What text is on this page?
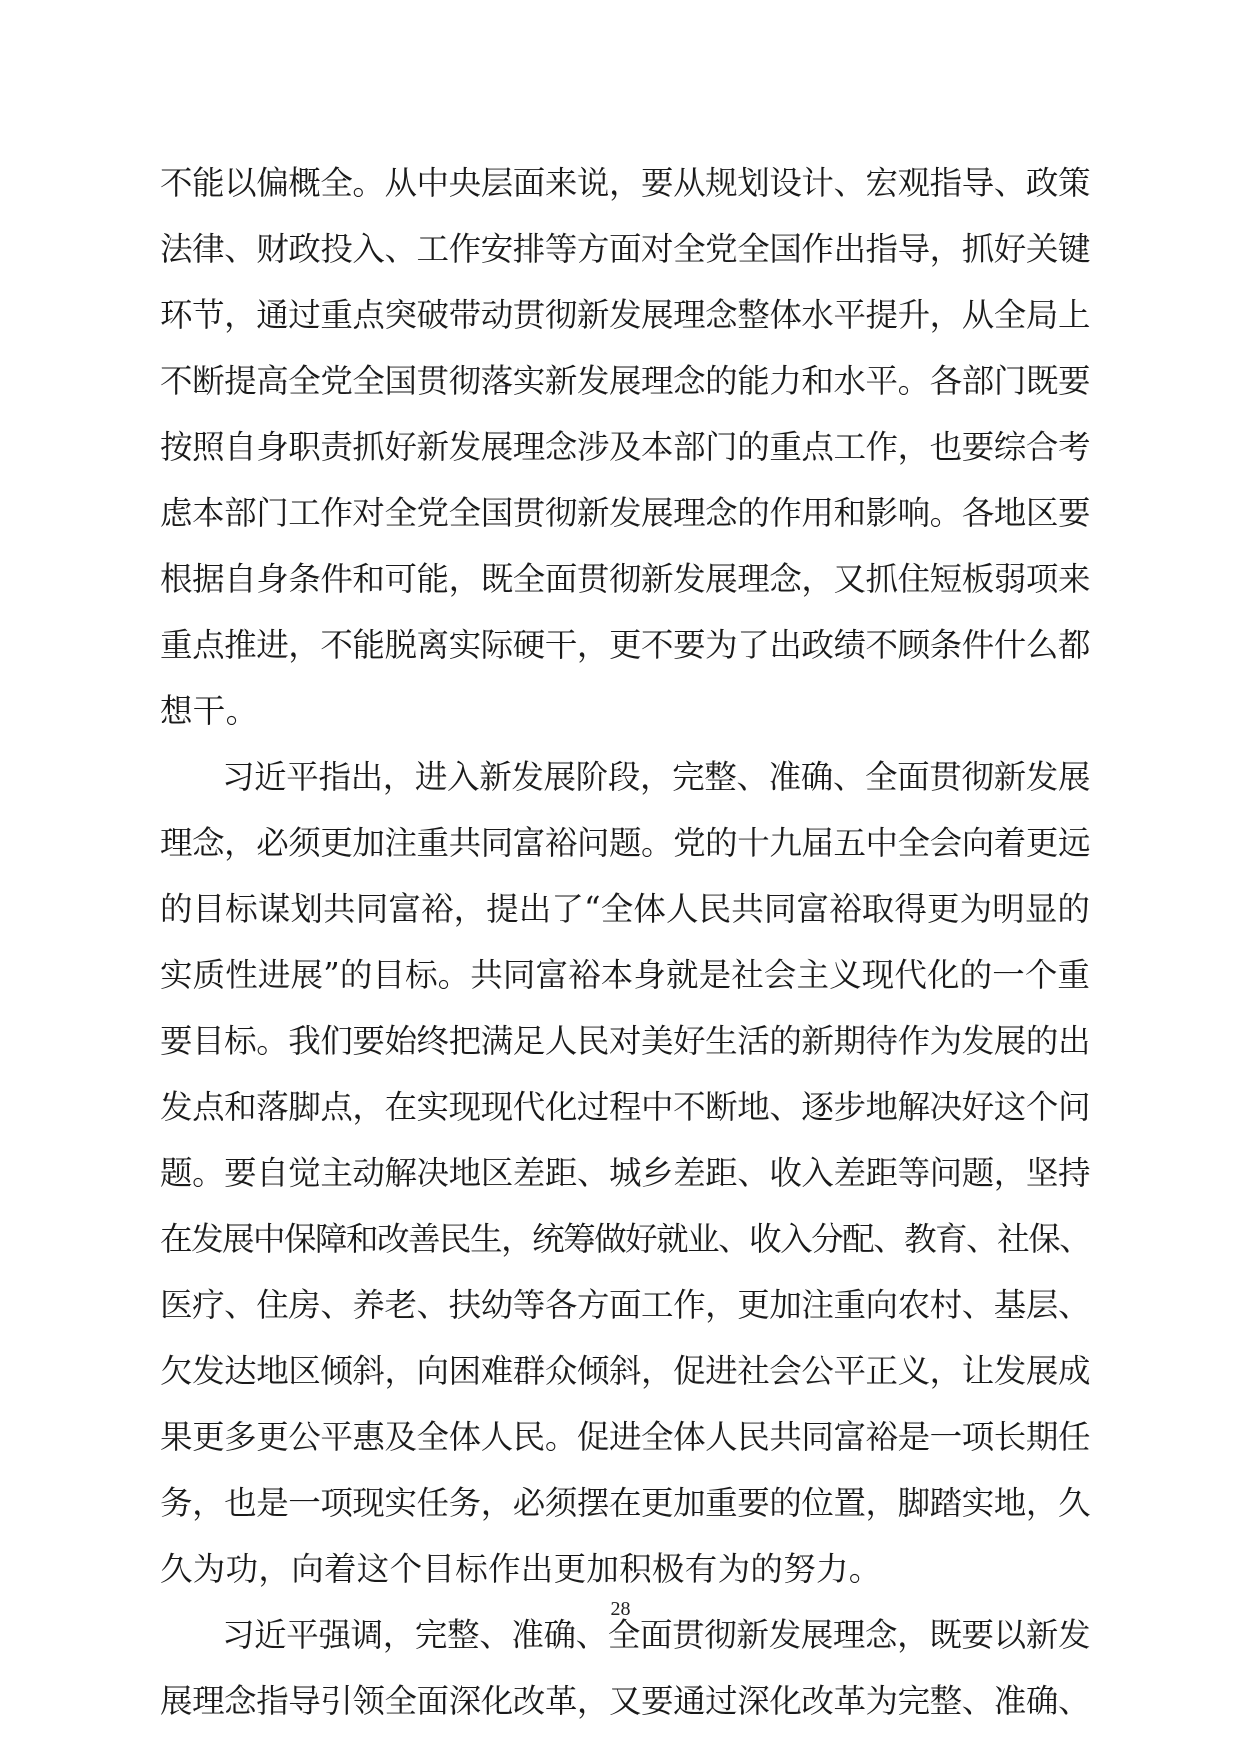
不能以偏概全。从中央层面来说，要从规划设计、宏观指导、政策
法律、财政投入、工作安排等方面对全党全国作出指导，抓好关键
环节，通过重点突破带动贯彻新发展理念整体水平提升，从全局上
不断提高全党全国贯彻落实新发展理念的能力和水平。各部门既要
按照自身职责抓好新发展理念涉及本部门的重点工作，也要综合考
虑本部门工作对全党全国贯彻新发展理念的作用和影响。各地区要
根据自身条件和可能，既全面贯彻新发展理念，又抓住短板弱项来
重点推进，不能脱离实际硬干，更不要为了出政绩不顾条件什么都
想干。
习近平指出，进入新发展阶段，完整、准确、全面贯彻新发展
理念，必须更加注重共同富裕问题。党的十九届五中全会向着更远
的目标谋划共同富裕，提出了“全体人民共同富裕取得更为明显的
实质性进展”的目标。共同富裕本身就是社会主义现代化的一个重
要目标。我们要始终把满足人民对美好生活的新期待作为发展的出
发点和落脚点，在实现现代化过程中不断地、逐步地解决好这个问
题。要自觉主动解决地区差距、城乡差距、收入差距等问题，坚持
在发展中保障和改善民生，统筹做好就业、收入分配、教育、社保、
医疗、住房、养老、扶幼等各方面工作，更加注重向农村、基层、
欠发达地区倾斜，向困难群众倾斜，促进社会公平正义，让发展成
果更多更公平惠及全体人民。促进全体人民共同富裕是一项长期任
务，也是一项现实任务，必须摆在更加重要的位置，脚踏实地，久
久为功，向着这个目标作出更加积极有为的努力。
习近平强调，完整、准确、全面贯彻新发展理念，既要以新发
展理念指导引领全面深化改革，又要通过深化改革为完整、准确、
28
